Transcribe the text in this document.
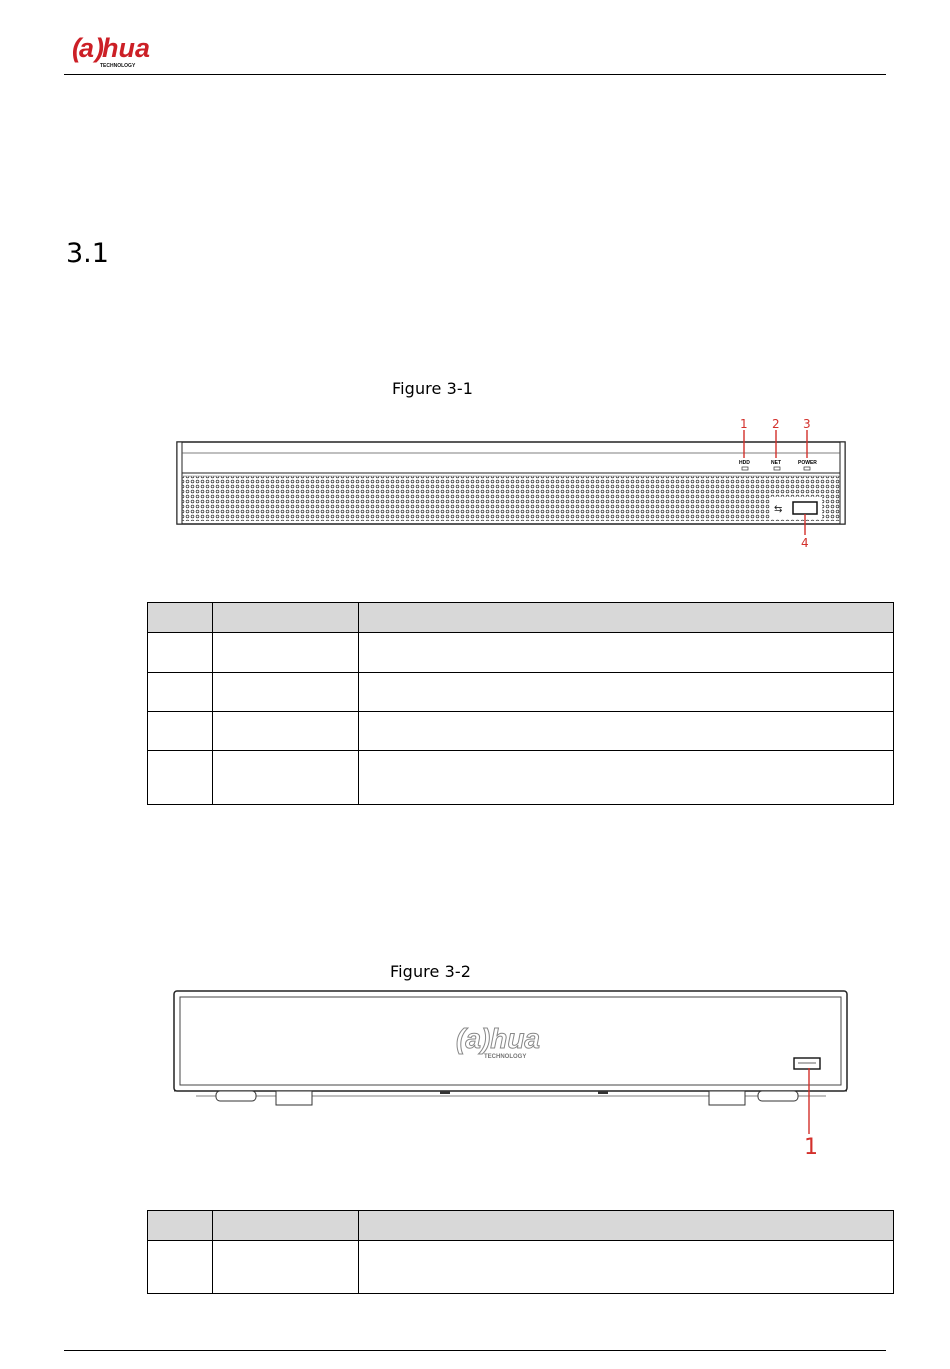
(
a )
hua
TECHNOLOGY
3.1
Figure 3-1
⇆
HDD	NET	POWER
1 2 3
4

Figure 3-2
(a)hua
TECHNOLOGY
1
